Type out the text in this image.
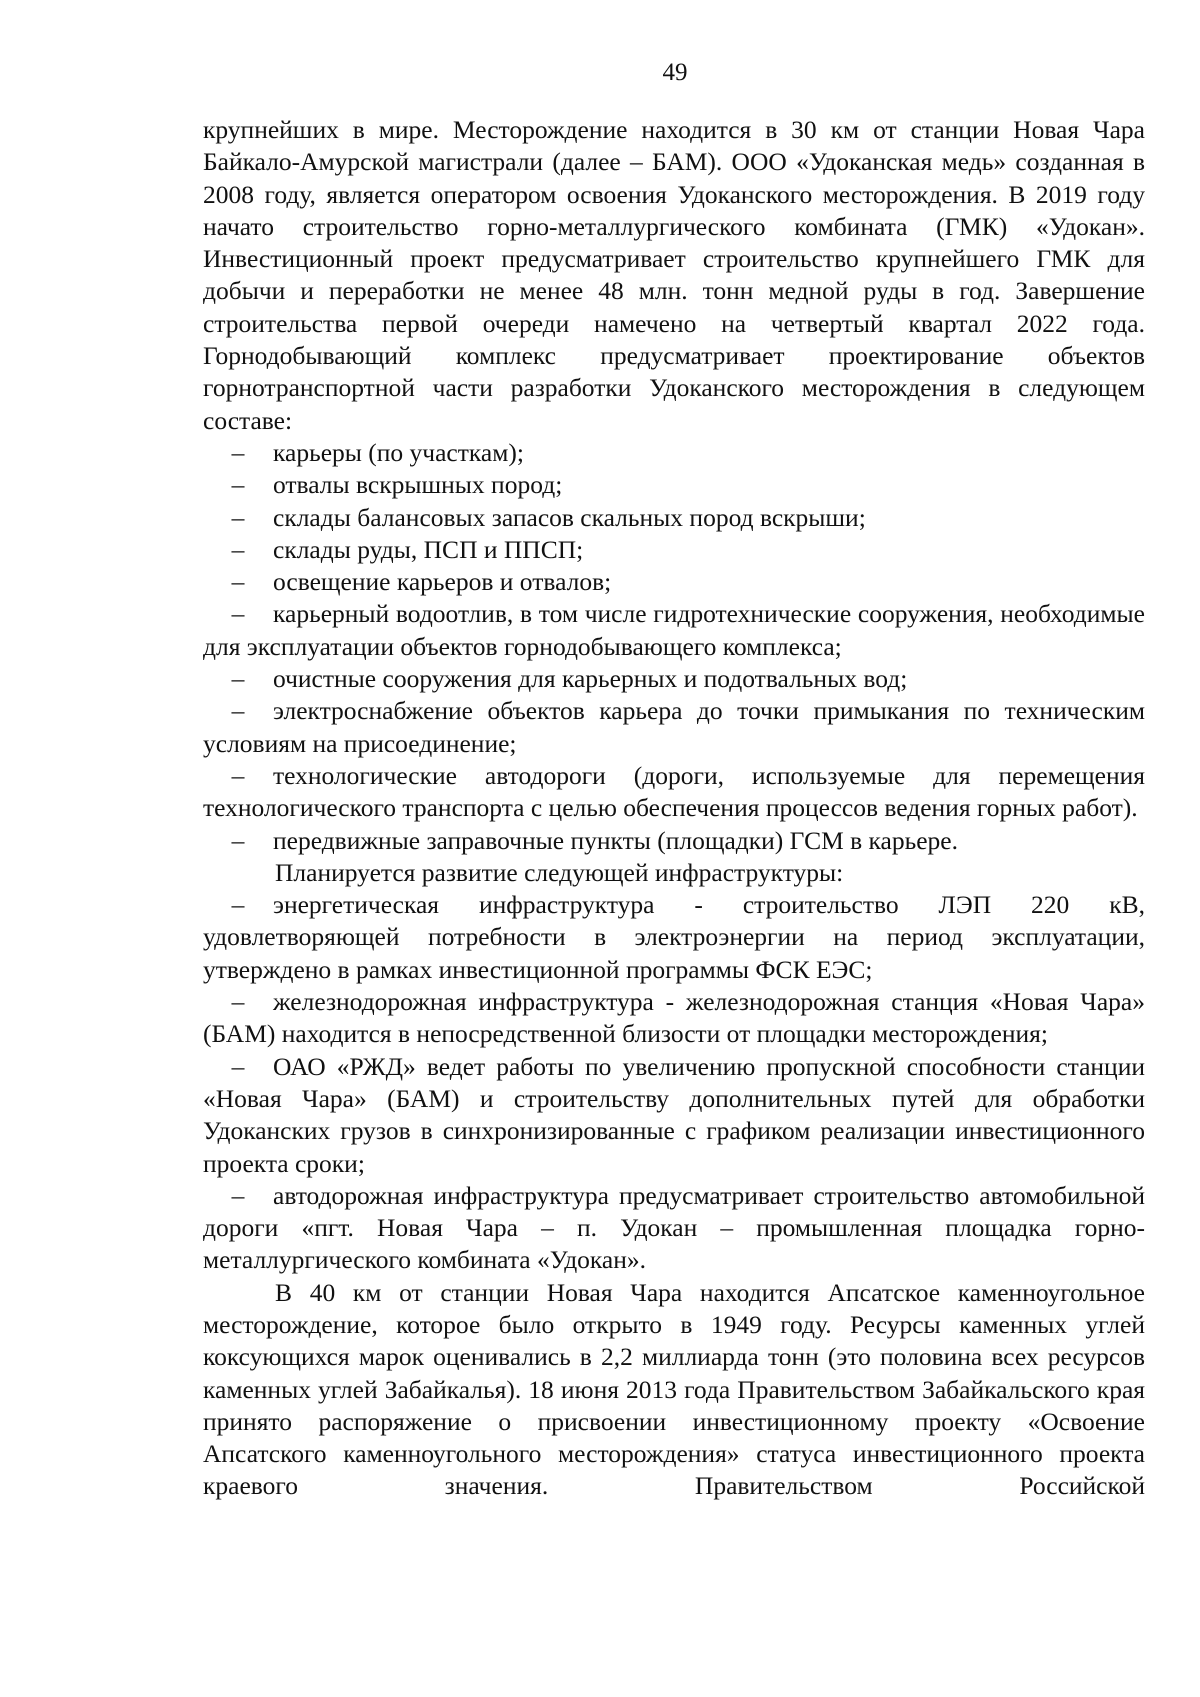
49

крупнейших в мире. Месторождение находится в 30 км от станции Новая Чара Байкало-Амурской магистрали (далее – БАМ). ООО «Удоканская медь» созданная в 2008 году, является оператором освоения Удоканского месторождения. В 2019 году начато строительство горно-металлургического комбината (ГМК) «Удокан». Инвестиционный проект предусматривает строительство крупнейшего ГМК для добычи и переработки не менее 48 млн. тонн медной руды в год. Завершение строительства первой очереди намечено на четвертый квартал 2022 года. Горнодобывающий комплекс предусматривает проектирование объектов горнотранспортной части разработки Удоканского месторождения в следующем составе:

– карьеры (по участкам);

– отвалы вскрышных пород;

– склады балансовых запасов скальных пород вскрыши;

– склады руды, ПСП и ППСП;

– освещение карьеров и отвалов;

– карьерный водоотлив, в том числе гидротехнические сооружения, необходимые для эксплуатации объектов горнодобывающего комплекса;

– очистные сооружения для карьерных и подотвальных вод;

– электроснабжение объектов карьера до точки примыкания по техническим условиям на присоединение;

– технологические автодороги (дороги, используемые для перемещения технологического транспорта с целью обеспечения процессов ведения горных работ).

– передвижные заправочные пункты (площадки) ГСМ в карьере.

Планируется развитие следующей инфраструктуры:

– энергетическая инфраструктура - строительство ЛЭП 220 кВ, удовлетворяющей потребности в электроэнергии на период эксплуатации, утверждено в рамках инвестиционной программы ФСК ЕЭС;

– железнодорожная инфраструктура - железнодорожная станция «Новая Чара» (БАМ) находится в непосредственной близости от площадки месторождения;

– ОАО «РЖД» ведет работы по увеличению пропускной способности станции «Новая Чара» (БАМ) и строительству дополнительных путей для обработки Удоканских грузов в синхронизированные с графиком реализации инвестиционного проекта сроки;

– автодорожная инфраструктура предусматривает строительство автомобильной дороги «пгт. Новая Чара – п. Удокан – промышленная площадка горно-металлургического комбината «Удокан».

В 40 км от станции Новая Чара находится Апсатское каменноугольное месторождение, которое было открыто в 1949 году. Ресурсы каменных углей коксующихся марок оценивались в 2,2 миллиарда тонн (это половина всех ресурсов каменных углей Забайкалья). 18 июня 2013 года Правительством Забайкальского края принято распоряжение о присвоении инвестиционному проекту «Освоение Апсатского каменноугольного месторождения» статуса инвестиционного проекта краевого значения. Правительством Российской
